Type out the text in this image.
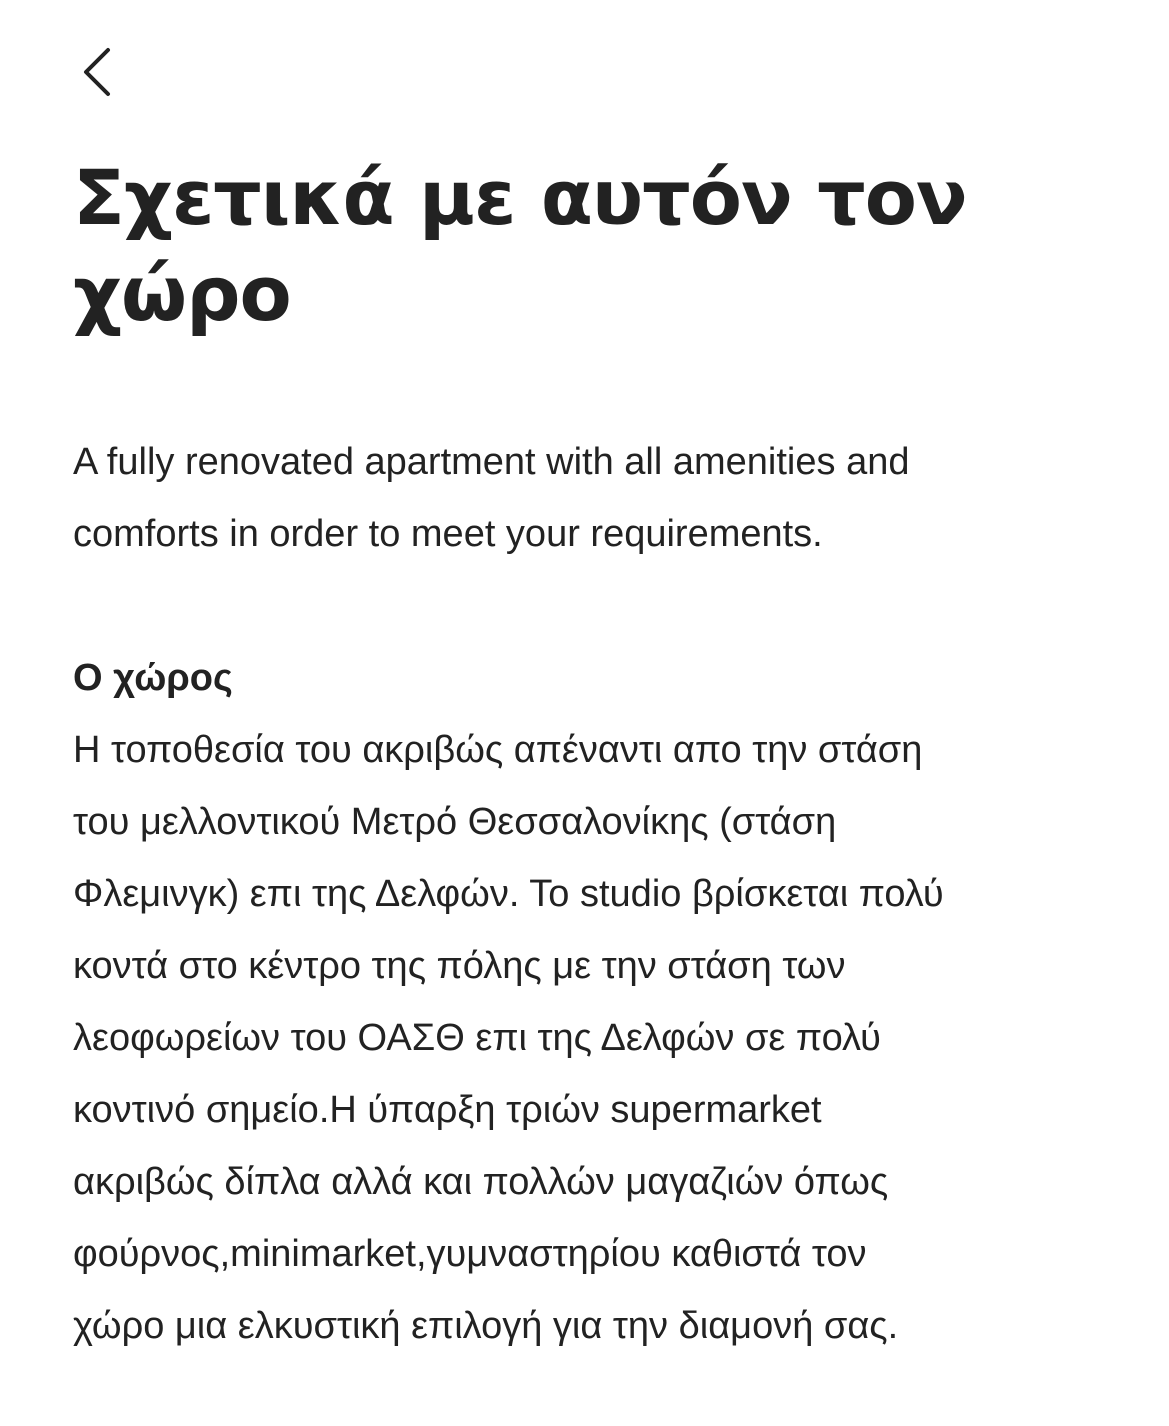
Σχετικά με αυτόν τον
χώρο

A fully renovated apartment with all amenities and
comforts in order to meet your requirements.

Ο χώρος
Η τοποθεσία του ακριβώς απέναντι απο την στάση
του μελλοντικού Μετρό Θεσσαλονίκης (στάση
Φλεμινγκ) επι της Δελφών. Το studio βρίσκεται πολύ
κοντά στο κέντρο της πόλης με την στάση των
λεοφωρείων του ΟΑΣΘ επι της Δελφών σε πολύ
κοντινό σημείο.Η ύπαρξη τριών supermarket
ακριβώς δίπλα αλλά και πολλών μαγαζιών όπως
φούρνος,minimarket,γυμναστηρίου καθιστά τον
χώρο μια ελκυστική επιλογή για την διαμονή σας.
